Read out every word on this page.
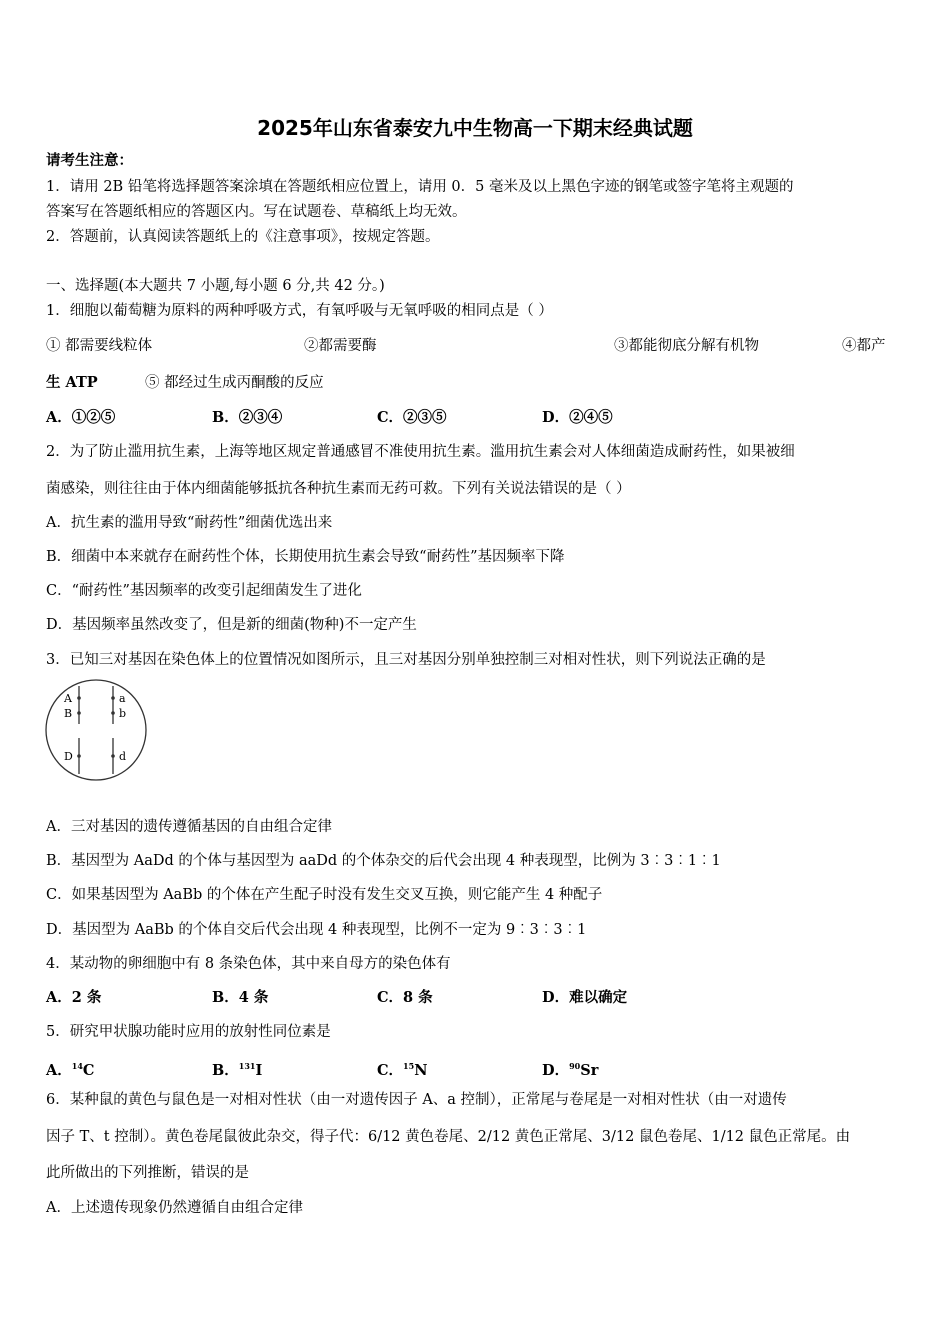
2025年山东省泰安九中生物高一下期末经典试题
请考生注意：
1．请用 2B 铅笔将选择题答案涂填在答题纸相应位置上，请用 0．5 毫米及以上黑色字迹的钢笔或签字笔将主观题的
答案写在答题纸相应的答题区内。写在试题卷、草稿纸上均无效。
2．答题前，认真阅读答题纸上的《注意事项》，按规定答题。
一、选择题(本大题共 7 小题,每小题 6 分,共 42 分。)
1．细胞以葡萄糖为原料的两种呼吸方式，有氧呼吸与无氧呼吸的相同点是（ ）
① 都需要线粒体	②都需要酶	③都能彻底分解有机物	④都产
生 ATP	⑤ 都经过生成丙酮酸的反应
A．①②⑤	B．②③④	C．②③⑤	D．②④⑤
2．为了防止滥用抗生素，上海等地区规定普通感冒不准使用抗生素。滥用抗生素会对人体细菌造成耐药性，如果被细
菌感染，则往往由于体内细菌能够抵抗各种抗生素而无药可救。下列有关说法错误的是（ ）
A．抗生素的滥用导致“耐药性”细菌优选出来
B．细菌中本来就存在耐药性个体，长期使用抗生素会导致“耐药性”基因频率下降
C．“耐药性”基因频率的改变引起细菌发生了进化
D．基因频率虽然改变了，但是新的细菌(物种)不一定产生
3．已知三对基因在染色体上的位置情况如图所示，且三对基因分别单独控制三对相对性状，则下列说法正确的是
A
B
a
b
D	d
A．三对基因的遗传遵循基因的自由组合定律
B．基因型为 AaDd 的个体与基因型为 aaDd 的个体杂交的后代会出现 4 种表现型，比例为 3︰3︰1︰1
C．如果基因型为 AaBb 的个体在产生配子时没有发生交叉互换，则它能产生 4 种配子
D．基因型为 AaBb 的个体自交后代会出现 4 种表现型，比例不一定为 9︰3︰3︰1
4．某动物的卵细胞中有 8 条染色体，其中来自母方的染色体有
A．2 条	B．4 条	C．8 条	D．难以确定
5．研究甲状腺功能时应用的放射性同位素是
A．$^{14}$C	B．$^{131}$I	C．$^{15}$N	D．$^{90}$Sr
6．某种鼠的黄色与鼠色是一对相对性状（由一对遗传因子 A、a 控制），正常尾与卷尾是一对相对性状（由一对遗传
因子 T、t 控制）。黄色卷尾鼠彼此杂交，得子代：6/12 黄色卷尾、2/12 黄色正常尾、3/12 鼠色卷尾、1/12 鼠色正常尾。由
此所做出的下列推断，错误的是
A．上述遗传现象仍然遵循自由组合定律
